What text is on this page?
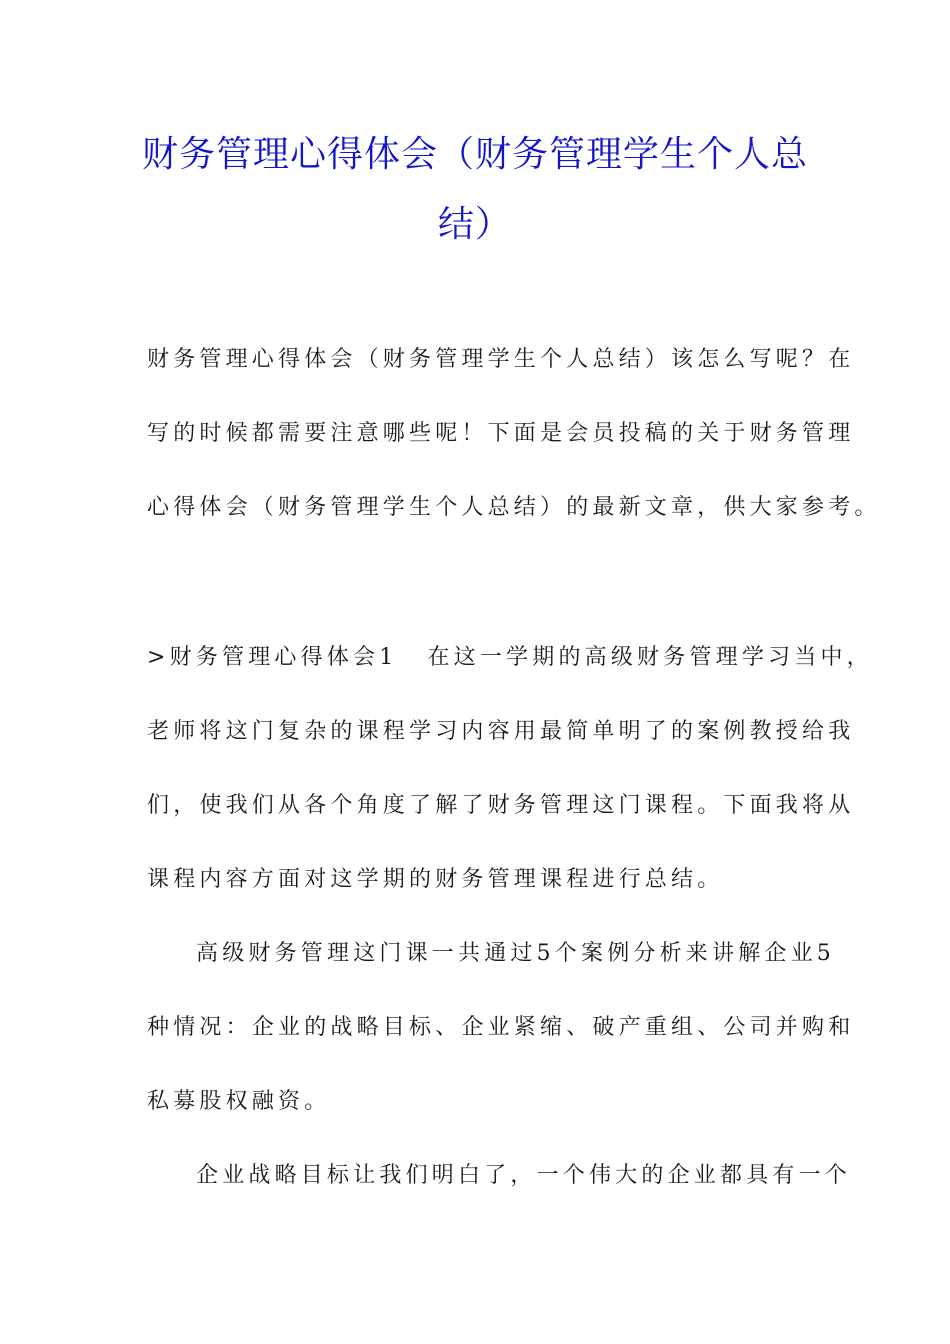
财务管理心得体会（财务管理学生个人总
结）
财务管理心得体会（财务管理学生个人总结）该怎么写呢？在
写的时候都需要注意哪些呢！下面是会员投稿的关于财务管理
心得体会（财务管理学生个人总结）的最新文章，供大家参考。
>财务管理心得体会1 在这一学期的高级财务管理学习当中，
老师将这门复杂的课程学习内容用最简单明了的案例教授给我
们，使我们从各个角度了解了财务管理这门课程。下面我将从
课程内容方面对这学期的财务管理课程进行总结。
高级财务管理这门课一共通过5个案例分析来讲解企业5
种情况：企业的战略目标、企业紧缩、破产重组、公司并购和
私募股权融资。
企业战略目标让我们明白了，一个伟大的企业都具有一个
